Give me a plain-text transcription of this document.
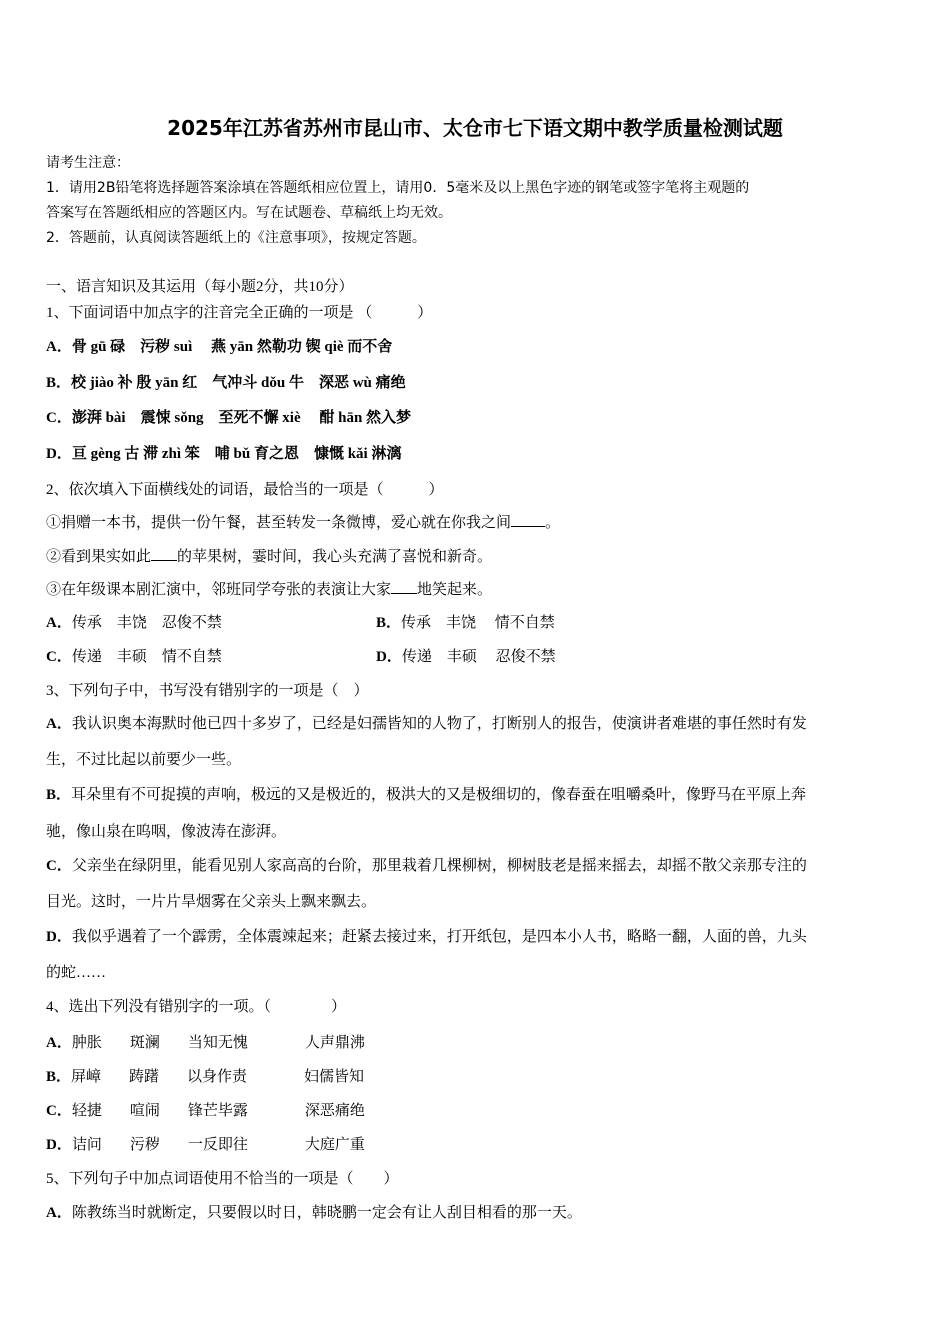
2025年江苏省苏州市昆山市、太仓市七下语文期中教学质量检测试题
请考生注意：
1．请用2B铅笔将选择题答案涂填在答题纸相应位置上，请用0．5毫米及以上黑色字迹的钢笔或签字笔将主观题的
答案写在答题纸相应的答题区内。写在试题卷、草稿纸上均无效。
2．答题前，认真阅读答题纸上的《注意事项》，按规定答题。
一、语言知识及其运用（每小题2分，共10分）
1、下面词语中加点字的注音完全正确的一项是 （　　　）
A．骨 gū 碌　污秽 suì　 燕 yān 然勒功 锲 qiè 而不舍
B．校 jiào 补 殷 yān 红　气冲斗 dǒu 牛　深恶 wù 痛绝
C．澎湃 bài　震悚 sǒng　至死不懈 xiè　 酣 hān 然入梦
D．亘 gèng 古 滞 zhì 笨　哺 bǔ 育之恩　慷慨 kǎi 淋漓
2、依次填入下面横线处的词语，最恰当的一项是（　　　）
①捐赠一本书，提供一份午餐，甚至转发一条微博，爱心就在你我之间 。
②看到果实如此 的苹果树，霎时间，我心头充满了喜悦和新奇。
③在年级课本剧汇演中，邻班同学夸张的表演让大家 地笑起来。
A．传承　丰饶　忍俊不禁	B．传承　丰饶　 情不自禁
C．传递　丰硕　情不自禁	D．传递　丰硕　 忍俊不禁
3、下列句子中，书写没有错别字的一项是（　）
A．我认识奥本海默时他已四十多岁了，已经是妇孺皆知的人物了，打断别人的报告，使演讲者难堪的事任然时有发
生，不过比起以前要少一些。
B．耳朵里有不可捉摸的声响，极远的又是极近的，极洪大的又是极细切的，像春蚕在咀嚼桑叶，像野马在平原上奔
驰，像山泉在呜咽，像波涛在澎湃。
C．父亲坐在绿阴里，能看见别人家高高的台阶，那里栽着几棵柳树，柳树肢老是摇来摇去，却摇不散父亲那专注的
目光。这时，一片片旱烟雾在父亲头上飘来飘去。
D．我似乎遇着了一个霹雳，全体震竦起来；赶紧去接过来，打开纸包，是四本小人书，略略一翻，人面的兽，九头
的蛇……
4、选出下列没有错别字的一项。（　　　　）
A．肿胀 斑澜 当知无愧	人声鼎沸
B．屏嶂 踌躇 以身作责	妇儒皆知
C．轻捷 喧闹 锋芒毕露	深恶痛绝
D．诘问 污秽 一反即往	大庭广重
5、下列句子中加点词语使用不恰当的一项是（　　）
A．陈教练当时就断定，只要假以时日，韩晓鹏一定会有让人刮目相看的那一天。
